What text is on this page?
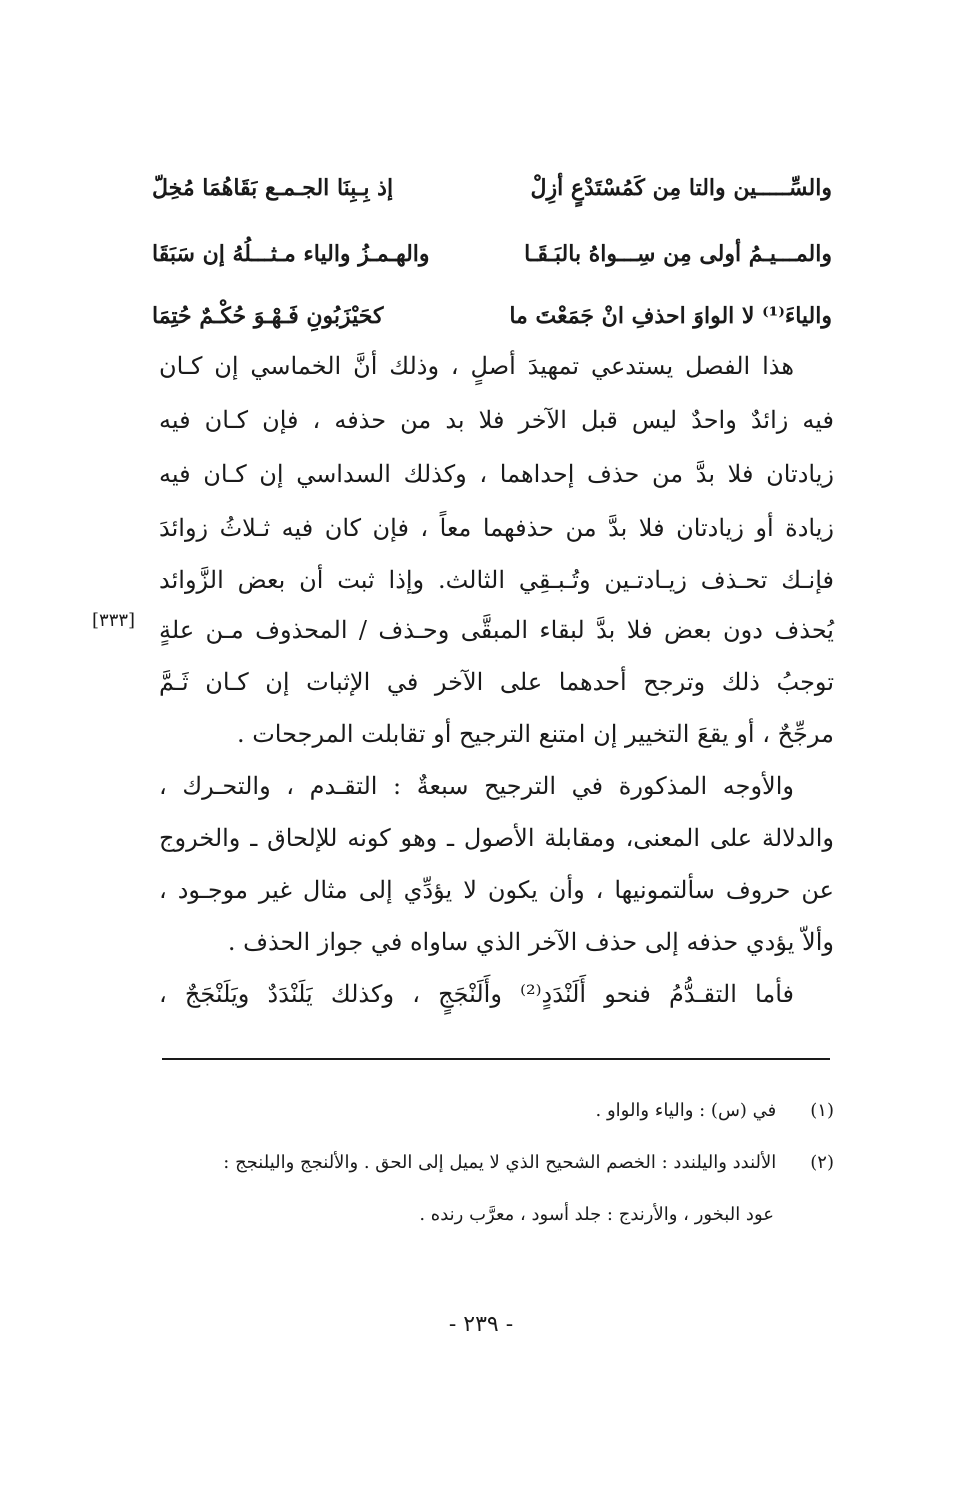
والسِّـــــين والتا مِن كَمُسْتَدْعٍ أزِلْ
إذ بِـبِنَا الجـمـع بَقَاهُمَا مُخِلّ
والمـــيـمُ أولى مِن سِـــواهُ بالبَـقَـا
والهـمـزُ والياء مـثـــلُهُ إن سَبَقَا
والياءَ⁽¹⁾ لا الواوَ احذفِ انْ جَمَعْتَ ما
كحَيْزَبُونِ فَـهْـوَ حُكْـمٌ حُتِمَا
هذا الفصل يستدعي تمهيدَ أصلٍ ، وذلك أنَّ الخماسي إن كـان
فيه زائدٌ واحدٌ ليس قبل الآخر فلا بد من حذفه ، فإن كـان فيه
زيادتان فلا بدَّ من حذف إحداهما ، وكذلك السداسي إن كـان فيه
زيادة أو زيادتان فلا بدَّ من حذفهما معاً ، فإن كان فيه ثـلاثُ زوائدَ
فإنـك تحـذف زيـادتـين وتُـبـقِي الثالث. وإذا ثبت أن بعض الزَّوائد
يُحذف دون بعض فلا بدَّ لبقاء المبقَّى وحـذف / المحذوف مـن علةٍ
توجبُ ذلك وترجح أحدهما على الآخر في الإثبات إن كـان ثَـمَّ
مرجِّحٌ ، أو يقعَ التخيير إن امتنع الترجيح أو تقابلت المرجحات .
[٣٣٣]
والأوجه المذكورة في الترجيح سبعةٌ : التقـدم ، والتحـرك ،
والدلالة على المعنى، ومقابلة الأصول ـ وهو كونه للإلحاق ـ والخروج
عن حروف سألتمونيها ، وأن يكون لا يؤدِّي إلى مثال غير موجـود ،
وألاّ يؤدي حذفه إلى حذف الآخر الذي ساواه في جواز الحذف .
فأما التقـدُّمُ فنحو أَلَنْدَدٍ⁽²⁾ وأَلَنْجَجٍ ، وكذلك يَلَنْدَدٌ ويَلَنْجَجٌ ،
(١) في (س) : والياء والواو .
(٢) الألندد واليلندد : الخصم الشحيح الذي لا يميل إلى الحق . والألنجج واليلنجج :
عود البخور ، والأرندج : جلد أسود ، معرَّب رنده .
- ٢٣٩ -
